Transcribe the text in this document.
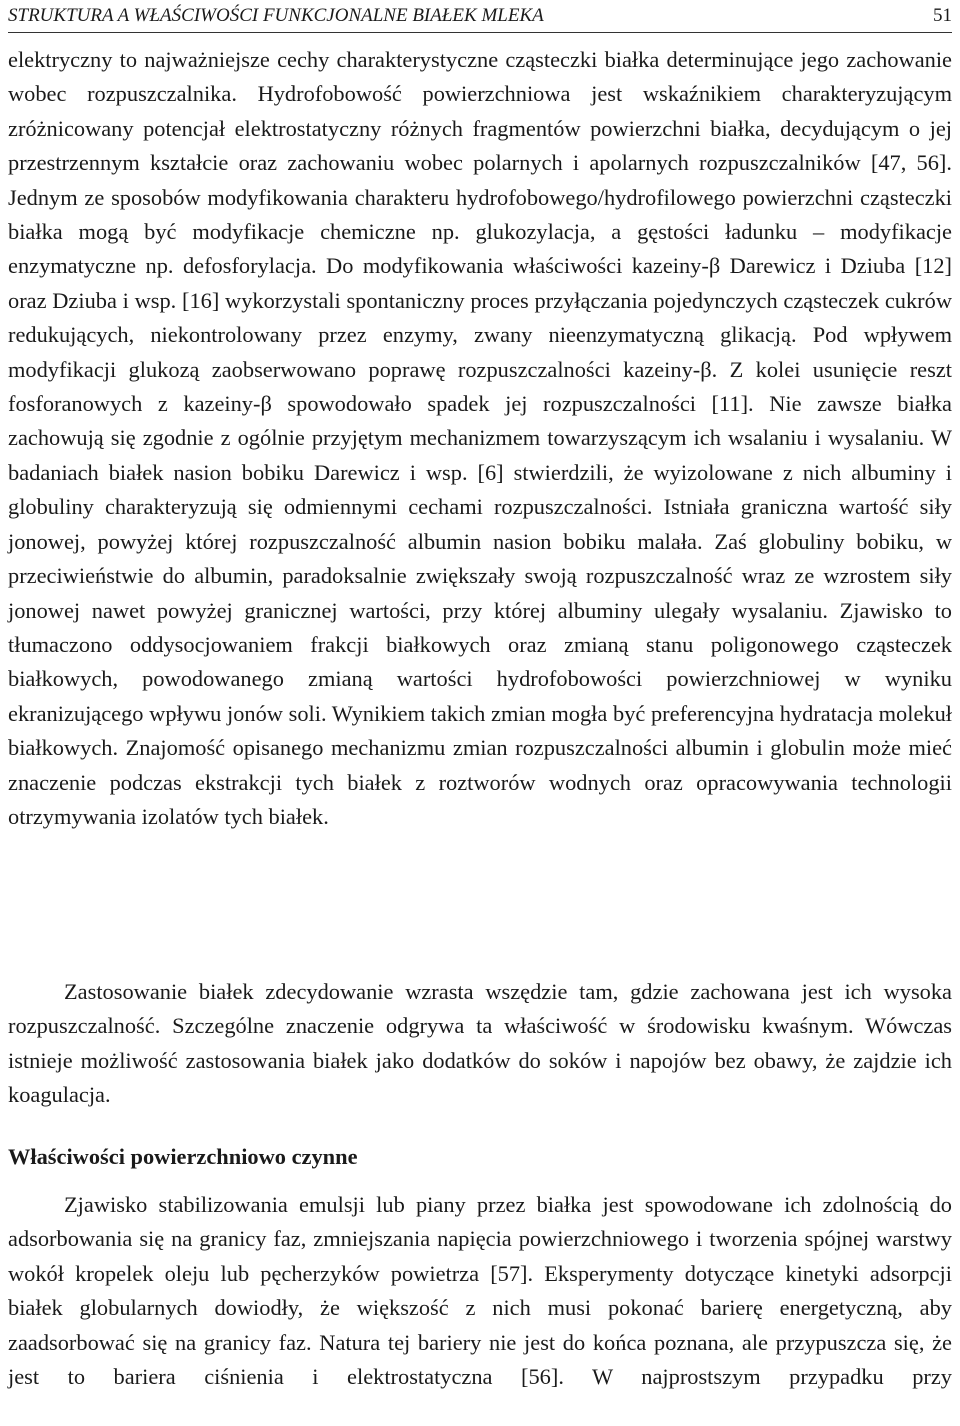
STRUKTURA A WŁAŚCIWOŚCI FUNKCJONALNE BIAŁEK MLEKA	51

elektryczny to najważniejsze cechy charakterystyczne cząsteczki białka determinujące jego zachowanie wobec rozpuszczalnika. Hydrofobowość powierzchniowa jest wskaźnikiem charakteryzującym zróżnicowany potencjał elektrostatyczny różnych fragmentów powierzchni białka, decydującym o jej przestrzennym kształcie oraz zachowaniu wobec polarnych i apolarnych rozpuszczalników [47, 56]. Jednym ze sposobów modyfikowania charakteru hydrofobowego/hydrofilowego powierzchni cząsteczki białka mogą być modyfikacje chemiczne np. glukozylacja, a gęstości ładunku – modyfikacje enzymatyczne np. defosforylacja. Do modyfikowania właściwości kazeiny-β Darewicz i Dziuba [12] oraz Dziuba i wsp. [16] wykorzystali spontaniczny proces przyłączania pojedynczych cząsteczek cukrów redukujących, niekontrolowany przez enzymy, zwany nieenzymatyczną glikacją. Pod wpływem modyfikacji glukozą zaobserwowano poprawę rozpuszczalności kazeiny-β. Z kolei usunięcie reszt fosforanowych z kazeiny-β spowodowało spadek jej rozpuszczalności [11]. Nie zawsze białka zachowują się zgodnie z ogólnie przyjętym mechanizmem towarzyszącym ich wsalaniu i wysalaniu. W badaniach białek nasion bobiku Darewicz i wsp. [6] stwierdzili, że wyizolowane z nich albuminy i globuliny charakteryzują się odmiennymi cechami rozpuszczalności. Istniała graniczna wartość siły jonowej, powyżej której rozpuszczalność albumin nasion bobiku malała. Zaś globuliny bobiku, w przeciwieństwie do albumin, paradoksalnie zwiększały swoją rozpuszczalność wraz ze wzrostem siły jonowej nawet powyżej granicznej wartości, przy której albuminy ulegały wysalaniu. Zjawisko to tłumaczono oddysocjowaniem frakcji białkowych oraz zmianą stanu poligonowego cząsteczek białkowych, powodowanego zmianą wartości hydrofobowości powierzchniowej w wyniku ekranizującego wpływu jonów soli. Wynikiem takich zmian mogła być preferencyjna hydratacja molekuł białkowych. Znajomość opisanego mechanizmu zmian rozpuszczalności albumin i globulin może mieć znaczenie podczas ekstrakcji tych białek z roztworów wodnych oraz opracowywania technologii otrzymywania izolatów tych białek.

Zastosowanie białek zdecydowanie wzrasta wszędzie tam, gdzie zachowana jest ich wysoka rozpuszczalność. Szczególne znaczenie odgrywa ta właściwość w środowisku kwaśnym. Wówczas istnieje możliwość zastosowania białek jako dodatków do soków i napojów bez obawy, że zajdzie ich koagulacja.

Właściwości powierzchniowo czynne

Zjawisko stabilizowania emulsji lub piany przez białka jest spowodowane ich zdolnością do adsorbowania się na granicy faz, zmniejszania napięcia powierzchniowego i tworzenia spójnej warstwy wokół kropelek oleju lub pęcherzyków powietrza [57]. Eksperymenty dotyczące kinetyki adsorpcji białek globularnych dowiodły, że większość z nich musi pokonać barierę energetyczną, aby zaadsorbować się na granicy faz. Natura tej bariery nie jest do końca poznana, ale przypuszcza się, że jest to bariera ciśnienia i elektrostatyczna [56]. W najprostszym przypadku przy
